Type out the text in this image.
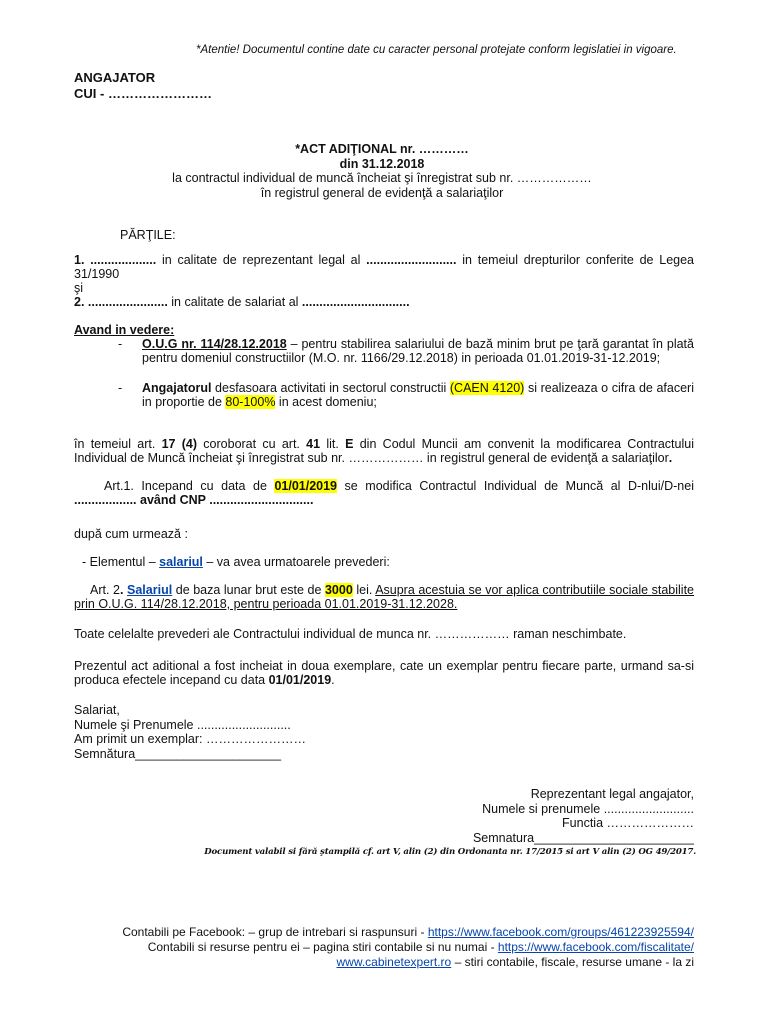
*Atentie! Documentul contine date cu caracter personal protejate conform legislatiei in vigoare.
ANGAJATOR
CUI - ……………………
*ACT ADIŢIONAL nr. …………
din 31.12.2018
la contractul individual de muncă încheiat şi înregistrat sub nr. ………………
în registrul general de evidenţă a salariaţilor
PĂRŢILE:
1. ................... in calitate de reprezentant legal al .......................... in temeiul drepturilor conferite de Legea 31/1990
şi
2. ....................... in calitate de salariat al ...............................
Avand in vedere:
- O.U.G nr. 114/28.12.2018 – pentru stabilirea salariului de bază minim brut pe ţară garantat în plată pentru domeniul constructiilor (M.O. nr. 1166/29.12.2018) in perioada 01.01.2019-31-12.2019;
- Angajatorul desfasoara activitati in sectorul constructii (CAEN 4120) si realizeaza o cifra de afaceri in proportie de 80-100% in acest domeniu;
în temeiul art. 17 (4) coroborat cu art. 41 lit. E din Codul Muncii am convenit la modificarea Contractului Individual de Muncă încheiat şi înregistrat sub nr. ……………… in registrul general de evidenţă a salariaţilor.
Art.1. Incepand cu data de 01/01/2019 se modifica Contractul Individual de Muncă al D-nlui/D-nei .................. având CNP ..............................
după cum urmează :
- Elementul – salariul – va avea urmatoarele prevederi:
Art. 2. Salariul de baza lunar brut este de 3000 lei. Asupra acestuia se vor aplica contributiile sociale stabilite prin O.U.G. 114/28.12.2018, pentru perioada 01.01.2019-31.12.2028.
Toate celelalte prevederi ale Contractului individual de munca nr. ……………… raman neschimbate.
Prezentul act aditional a fost incheiat in doua exemplare, cate un exemplar pentru fiecare parte, urmand sa-si produca efectele incepand cu data 01/01/2019.
Salariat,
Numele şi Prenumele ...........................
Am primit un exemplar: ……………………
Semnătura_____________________
Reprezentant legal angajator,
Numele si prenumele ..........................
Functia …………………
Semnatura_______________________
Document valabil si fără ştampilă cf. art V, alin (2) din Ordonanta nr. 17/2015 si art V alin (2) OG 49/2017.
Contabili pe Facebook: – grup de intrebari si raspunsuri - https://www.facebook.com/groups/461223925594/
Contabili si resurse pentru ei – pagina stiri contabile si nu numai - https://www.facebook.com/fiscalitate/
www.cabinetexpert.ro – stiri contabile, fiscale, resurse umane - la zi
